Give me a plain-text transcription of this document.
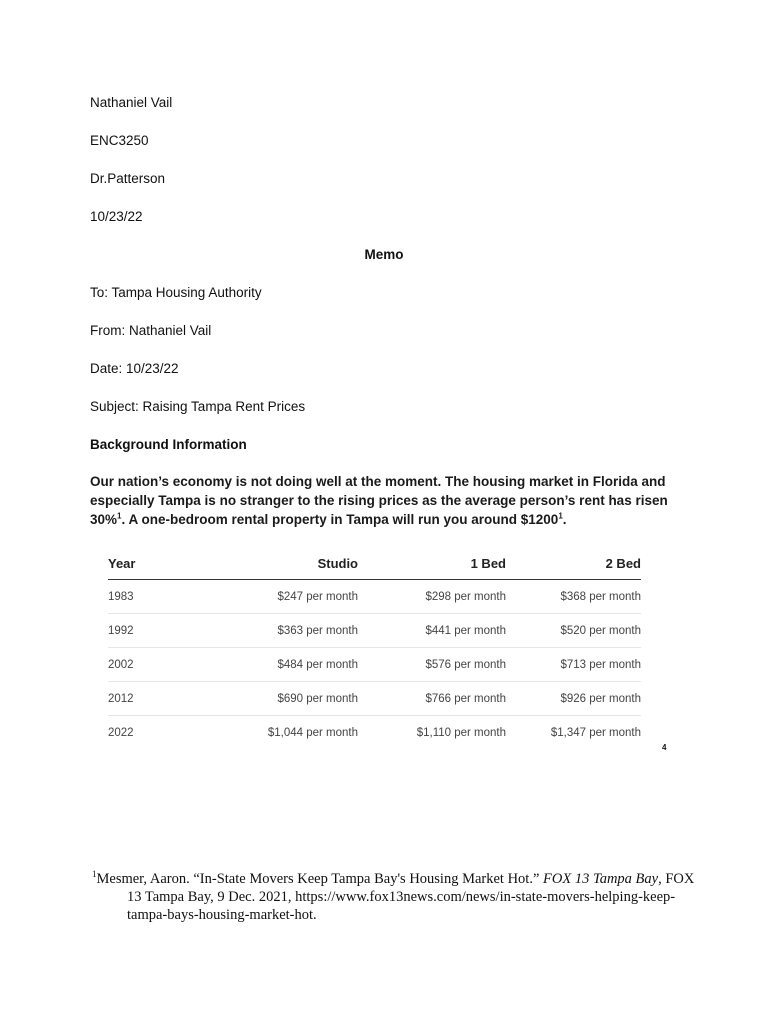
Nathaniel Vail
ENC3250
Dr.Patterson
10/23/22
Memo
To: Tampa Housing Authority
From: Nathaniel Vail
Date: 10/23/22
Subject: Raising Tampa Rent Prices
Background Information
Our nation’s economy is not doing well at the moment. The housing market in Florida and especially Tampa is no stranger to the rising prices as the average person’s rent has risen 30%$^1$. A one-bedroom rental property in Tampa will run you around $1200$^1$.
Year	Studio	1 Bed	2 Bed
1983	$247 per month	$298 per month	$368 per month
1992	$363 per month	$441 per month	$520 per month
2002	$484 per month	$576 per month	$713 per month
2012	$690 per month	$766 per month	$926 per month
2022	$1,044 per month	$1,110 per month	$1,347 per month
4
$^1$Mesmer, Aaron. “In-State Movers Keep Tampa Bay's Housing Market Hot.” FOX 13 Tampa Bay, FOX 13 Tampa Bay, 9 Dec. 2021, https://www.fox13news.com/news/in-state-movers-helping-keep-tampa-bays-housing-market-hot.
